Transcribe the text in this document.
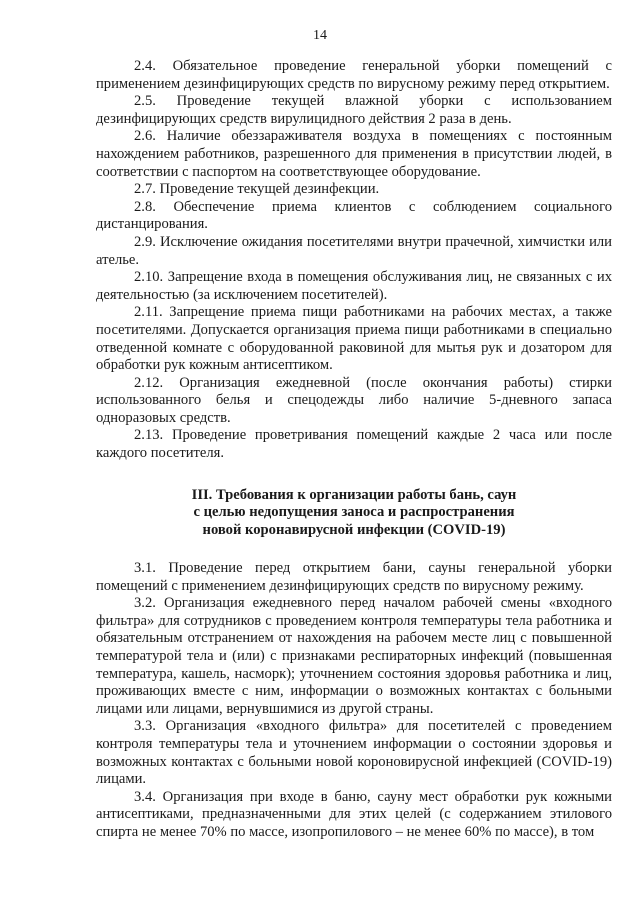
14

2.4. Обязательное проведение генеральной уборки помещений с применением дезинфицирующих средств по вирусному режиму перед открытием.

2.5. Проведение текущей влажной уборки с использованием дезинфицирующих средств вирулицидного действия 2 раза в день.

2.6. Наличие обеззараживателя воздуха в помещениях с постоянным нахождением работников, разрешенного для применения в присутствии людей, в соответствии с паспортом на соответствующее оборудование.

2.7. Проведение текущей дезинфекции.

2.8. Обеспечение приема клиентов с соблюдением социального дистанцирования.

2.9. Исключение ожидания посетителями внутри прачечной, химчистки или ателье.

2.10. Запрещение входа в помещения обслуживания лиц, не связанных с их деятельностью (за исключением посетителей).

2.11. Запрещение приема пищи работниками на рабочих местах, а также посетителями. Допускается организация приема пищи работниками в специально отведенной комнате с оборудованной раковиной для мытья рук и дозатором для обработки рук кожным антисептиком.

2.12. Организация ежедневной (после окончания работы) стирки использованного белья и спецодежды либо наличие 5-дневного запаса одноразовых средств.

2.13. Проведение проветривания помещений каждые 2 часа или после каждого посетителя.

III. Требования к организации работы бань, саун
с целью недопущения заноса и распространения
новой коронавирусной инфекции (COVID-19)

3.1. Проведение перед открытием бани, сауны генеральной уборки помещений с применением дезинфицирующих средств по вирусному режиму.

3.2. Организация ежедневного перед началом рабочей смены «входного фильтра» для сотрудников с проведением контроля температуры тела работника и обязательным отстранением от нахождения на рабочем месте лиц с повышенной температурой тела и (или) с признаками респираторных инфекций (повышенная температура, кашель, насморк); уточнением состояния здоровья работника и лиц, проживающих вместе с ним, информации о возможных контактах с больными лицами или лицами, вернувшимися из другой страны.

3.3. Организация «входного фильтра» для посетителей с проведением контроля температуры тела и уточнением информации о состоянии здоровья и возможных контактах с больными новой короновирусной инфекцией (COVID-19) лицами.

3.4. Организация при входе в баню, сауну мест обработки рук кожными антисептиками, предназначенными для этих целей (с содержанием этилового спирта не менее 70% по массе, изопропилового – не менее 60% по массе), в том
